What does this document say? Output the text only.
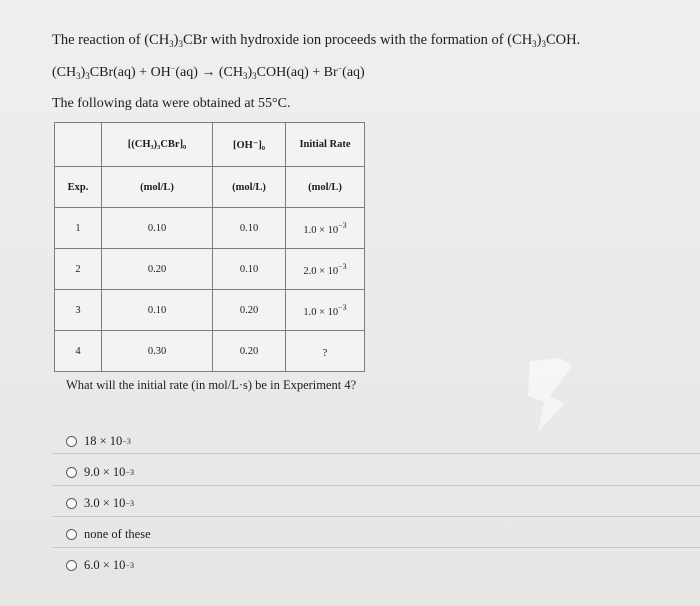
The reaction of $(CH_3)_3CBr$ with hydroxide ion proceeds with the formation of $(CH_3)_3COH$.
$(CH_3)_3CBr(aq) + OH^-(aq) \to (CH_3)_3COH(aq) + Br^-(aq)$
The following data were obtained at 55°C.
	[(CH₃)₃CBr]₀	[OH⁻]₀	Initial Rate
Exp.	(mol/L)	(mol/L)	(mol/L)
1	0.10	0.10	$1.0 \times 10^{-3}$
2	0.20	0.10	$2.0 \times 10^{-3}$
3	0.10	0.20	$1.0 \times 10^{-3}$
4	0.30	0.20	?
What will the initial rate (in mol/L·s) be in Experiment 4?
18 × 10 −3
9.0 × 10 −3
3.0 × 10 −3
none of these
6.0 × 10 −3
